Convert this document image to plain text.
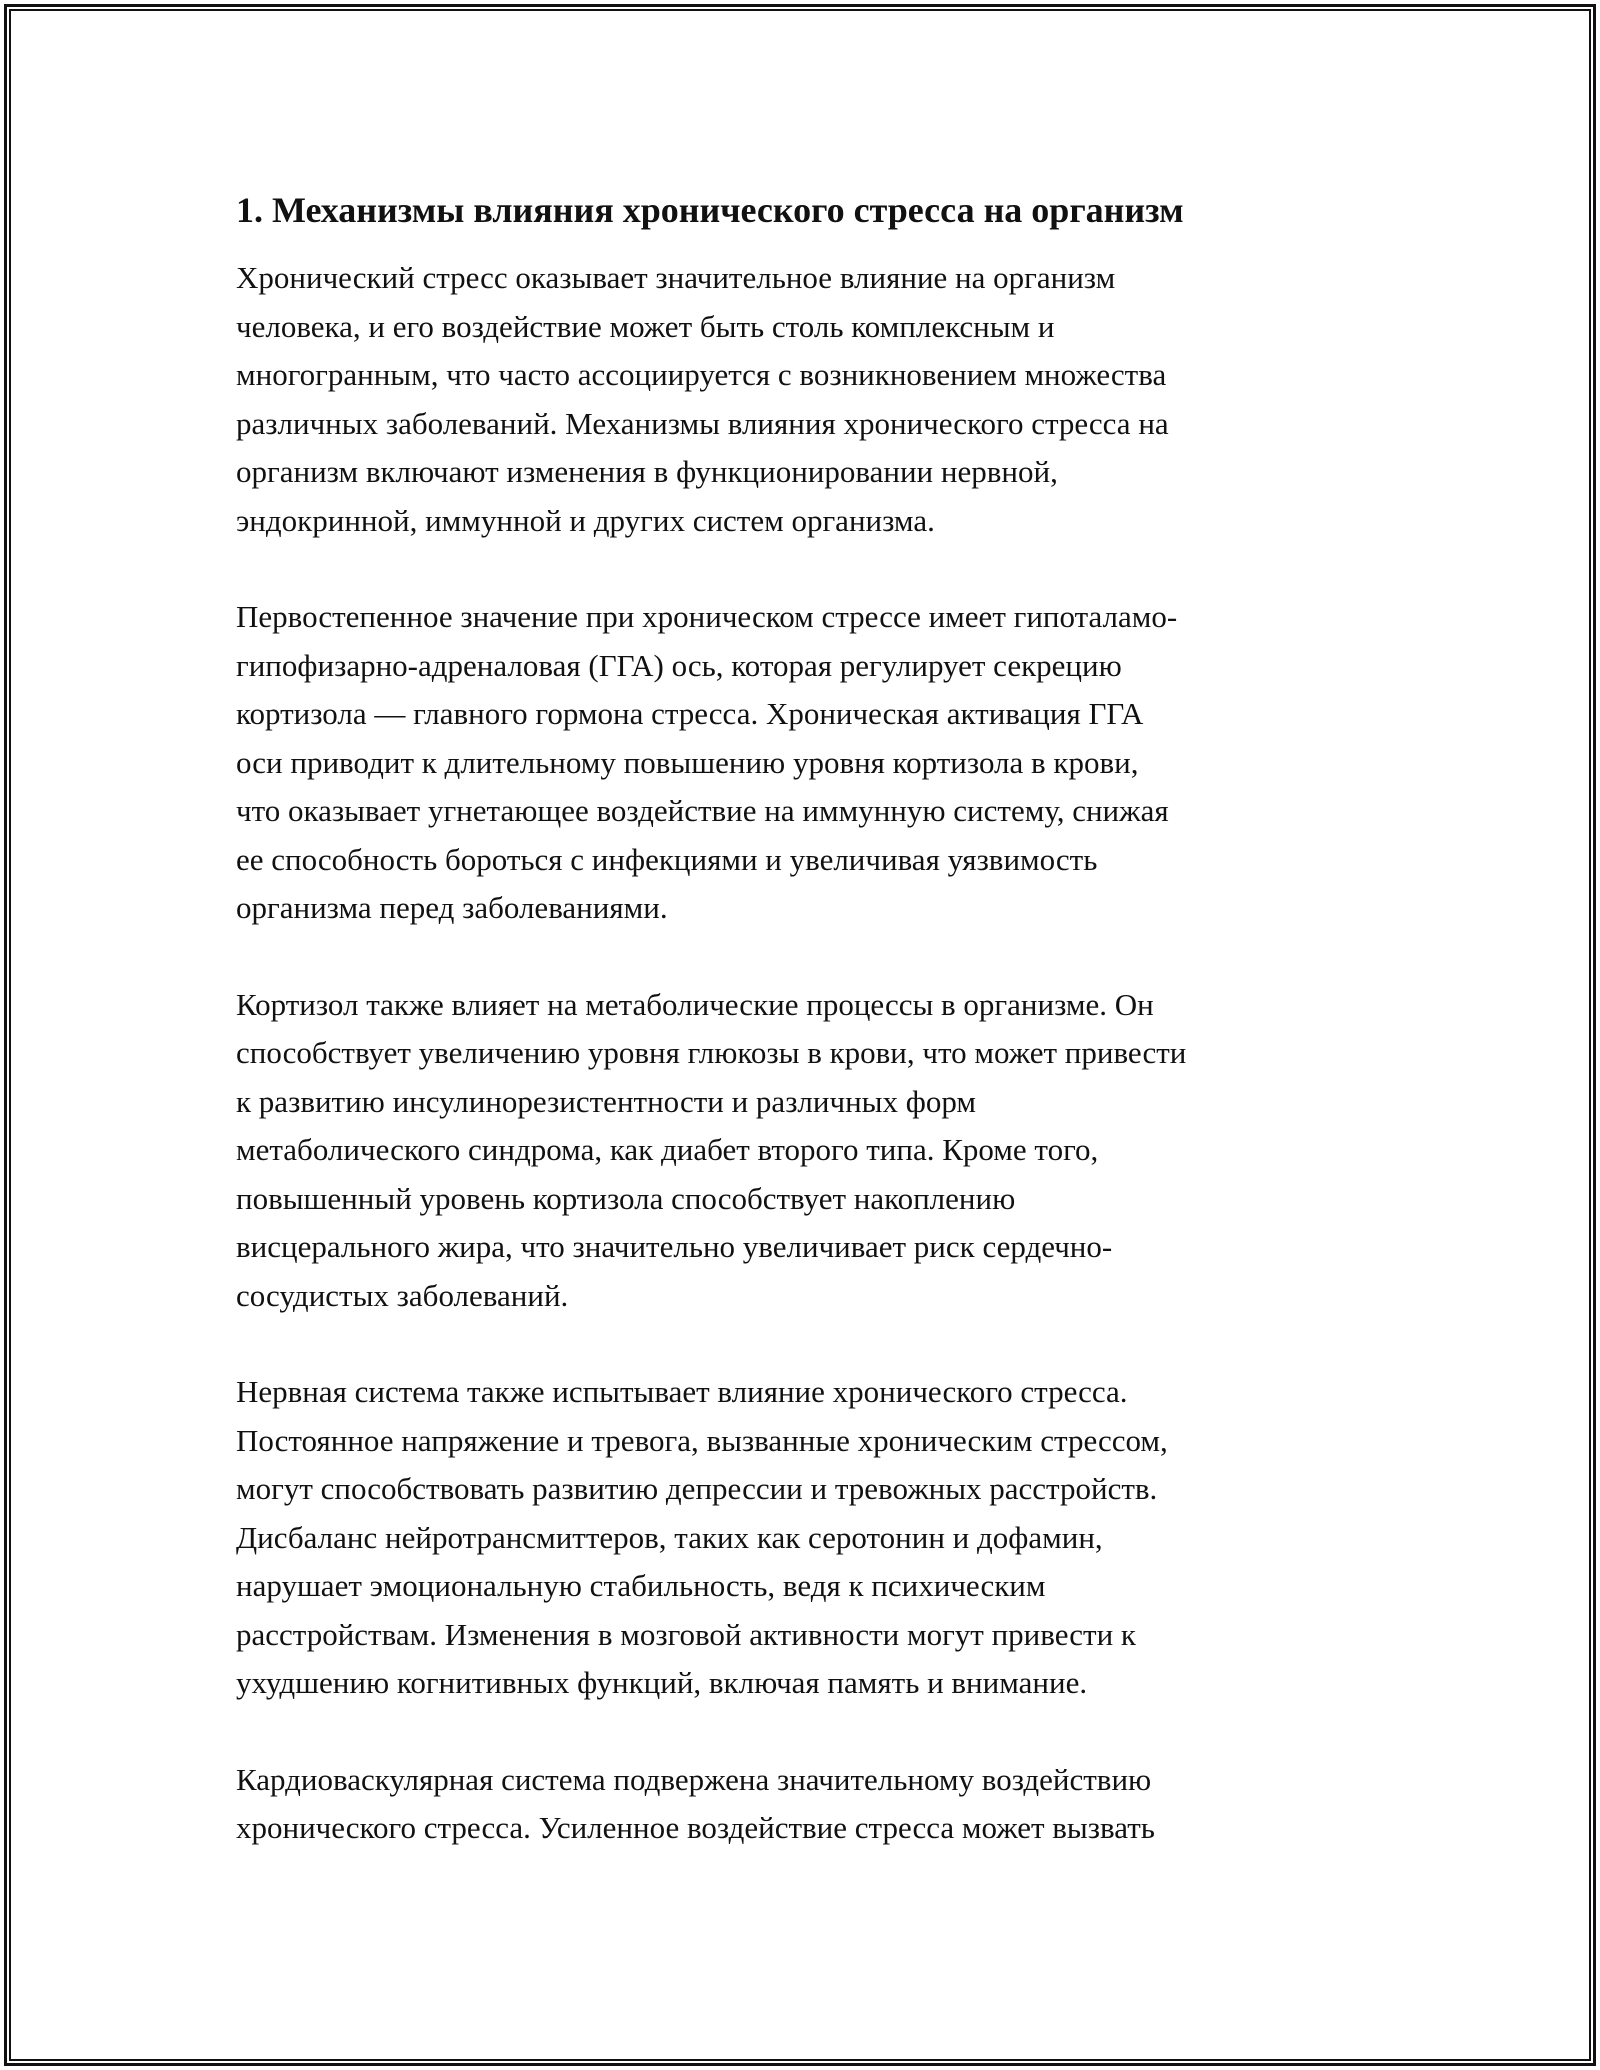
1. Механизмы влияния хронического стресса на организм

Хронический стресс оказывает значительное влияние на организм
человека, и его воздействие может быть столь комплексным и
многогранным, что часто ассоциируется с возникновением множества
различных заболеваний. Механизмы влияния хронического стресса на
организм включают изменения в функционировании нервной,
эндокринной, иммунной и других систем организма.

Первостепенное значение при хроническом стрессе имеет гипоталамо-
гипофизарно-адреналовая (ГГА) ось, которая регулирует секрецию
кортизола — главного гормона стресса. Хроническая активация ГГА
оси приводит к длительному повышению уровня кортизола в крови,
что оказывает угнетающее воздействие на иммунную систему, снижая
ее способность бороться с инфекциями и увеличивая уязвимость
организма перед заболеваниями.

Кортизол также влияет на метаболические процессы в организме. Он
способствует увеличению уровня глюкозы в крови, что может привести
к развитию инсулинорезистентности и различных форм
метаболического синдрома, как диабет второго типа. Кроме того,
повышенный уровень кортизола способствует накоплению
висцерального жира, что значительно увеличивает риск сердечно-
сосудистых заболеваний.

Нервная система также испытывает влияние хронического стресса.
Постоянное напряжение и тревога, вызванные хроническим стрессом,
могут способствовать развитию депрессии и тревожных расстройств.
Дисбаланс нейротрансмиттеров, таких как серотонин и дофамин,
нарушает эмоциональную стабильность, ведя к психическим
расстройствам. Изменения в мозговой активности могут привести к
ухудшению когнитивных функций, включая память и внимание.

Кардиоваскулярная система подвержена значительному воздействию
хронического стресса. Усиленное воздействие стресса может вызвать
